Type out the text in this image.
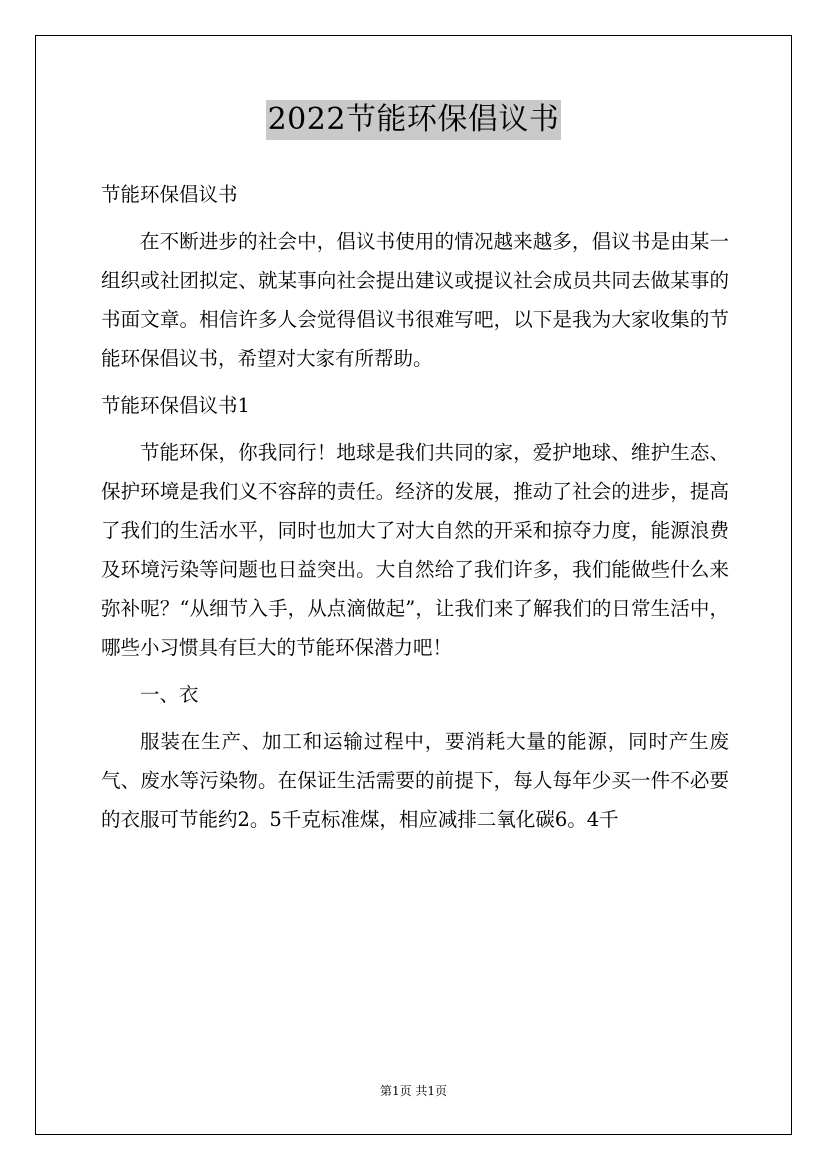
2022节能环保倡议书

节能环保倡议书

在不断进步的社会中，倡议书使用的情况越来越多，倡议书是由某一组织或社团拟定、就某事向社会提出建议或提议社会成员共同去做某事的书面文章。相信许多人会觉得倡议书很难写吧，以下是我为大家收集的节能环保倡议书，希望对大家有所帮助。

节能环保倡议书1

节能环保，你我同行！地球是我们共同的家，爱护地球、维护生态、保护环境是我们义不容辞的责任。经济的发展，推动了社会的进步，提高了我们的生活水平，同时也加大了对大自然的开采和掠夺力度，能源浪费及环境污染等问题也日益突出。大自然给了我们许多，我们能做些什么来弥补呢？“从细节入手，从点滴做起”，让我们来了解我们的日常生活中，哪些小习惯具有巨大的节能环保潜力吧！

一、衣

服装在生产、加工和运输过程中，要消耗大量的能源，同时产生废气、废水等污染物。在保证生活需要的前提下，每人每年少买一件不必要的衣服可节能约2。5千克标准煤，相应减排二氧化碳6。4千

第1页 共1页
